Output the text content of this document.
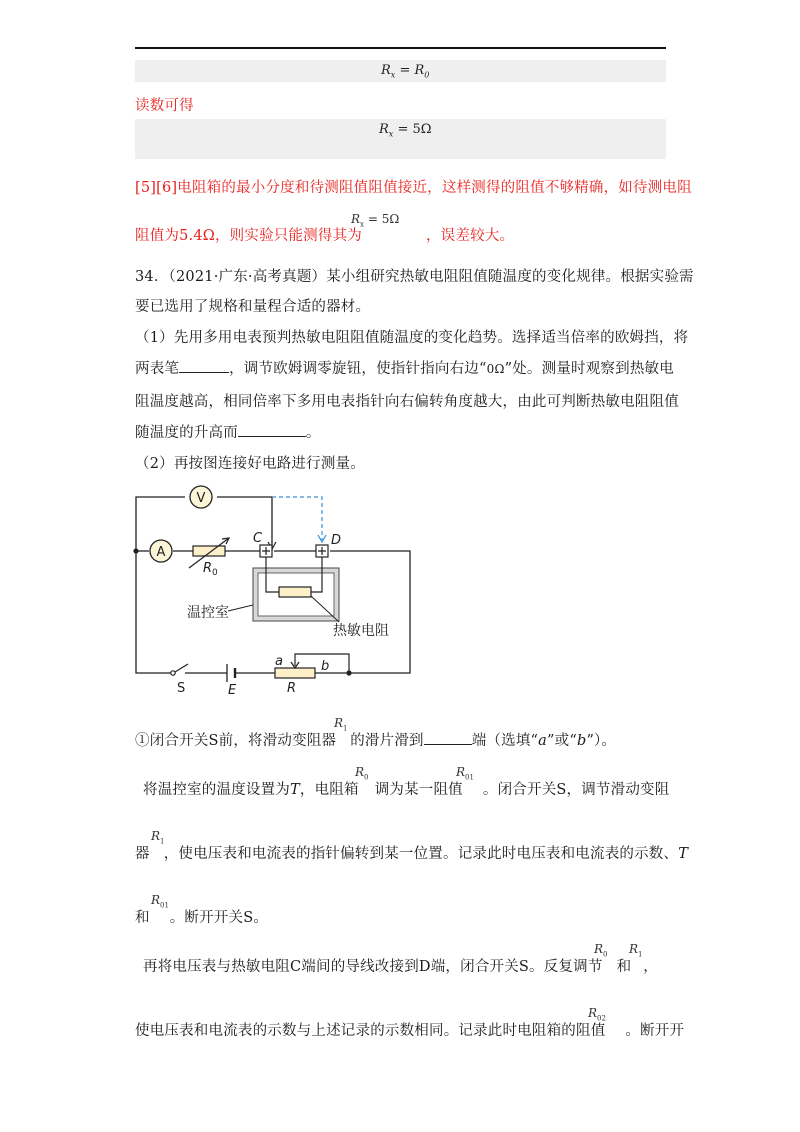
$R_x = R_0$
读数可得
$R_x = 5\Omega$
[5][6]电阻箱的最小分度和待测阻值阻值接近，这样测得的阻值不够精确，如待测电阻
阻值为5.4Ω，则实验只能测得其为	，误差较大。
$R_x = 5\Omega$
34．（2021·广东·高考真题）某小组研究热敏电阻阻值随温度的变化规律。根据实验需
要已选用了规格和量程合适的器材。
（1）先用多用电表预判热敏电阻阻值随温度的变化趋势。选择适当倍率的欧姆挡，将
两表笔	，调节欧姆调零旋钮，使指针指向右边“0Ω”处。测量时观察到热敏电
阻温度越高，相同倍率下多用电表指针向右偏转角度越大，由此可判断热敏电阻阻值
随温度的升高而	。
（2）再按图连接好电路进行测量。
V
A
$R_0$
C	D
温控室
热敏电阻
S	E
a	b
R
①闭合开关S前，将滑动变阻器 的滑片滑到	端（选填“a”或“b”）。
$R_1$
将温控室的温度设置为T，电阻箱 调为某一阻值 。闭合开关S，调节滑动变阻
$R_0$	$R_{01}$
器 ，使电压表和电流表的指针偏转到某一位置。记录此时电压表和电流表的示数、T
$R_1$
和 。断开开关S。
$R_{01}$
再将电压表与热敏电阻C端间的导线改接到D端，闭合开关S。反复调节 和 ，
$R_0$ $R_1$
使电压表和电流表的示数与上述记录的示数相同。记录此时电阻箱的阻值 。断开开
$R_{02}$
